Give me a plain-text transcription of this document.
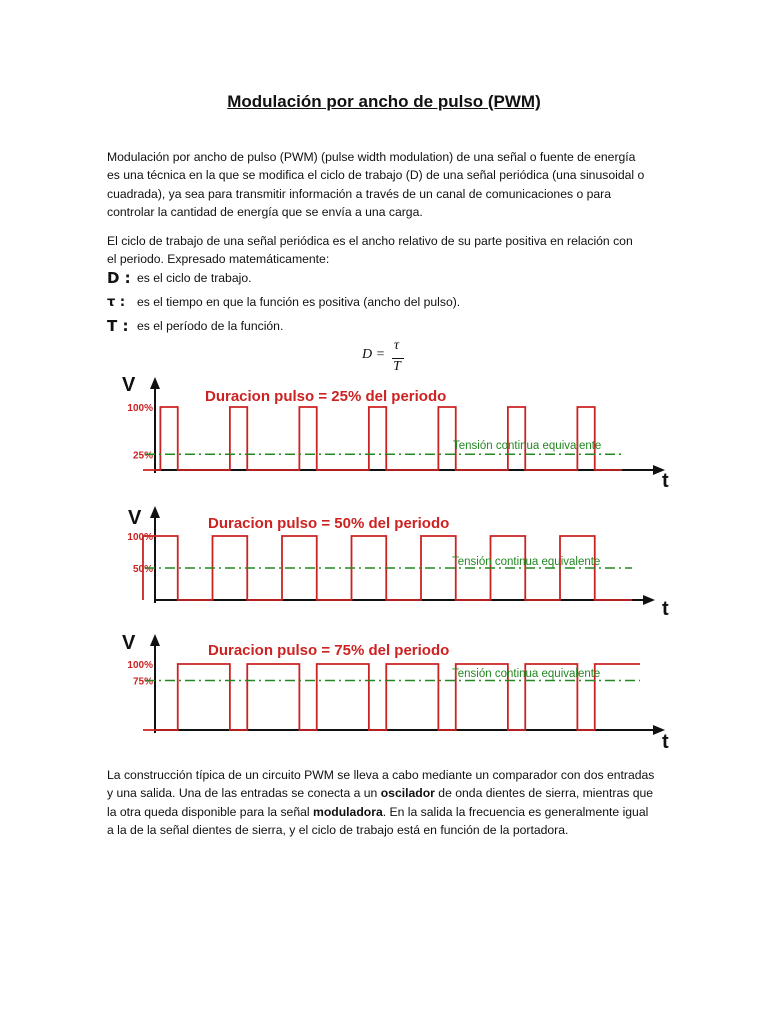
Modulación por ancho de pulso (PWM)
Modulación por ancho de pulso (PWM) (pulse width modulation) de una señal o fuente de energía
es una técnica en la que se modifica el ciclo de trabajo (D) de una señal periódica (una sinusoidal o
cuadrada), ya sea para transmitir información a través de un canal de comunicaciones o para
controlar la cantidad de energía que se envía a una carga.
El ciclo de trabajo de una señal periódica es el ancho relativo de su parte positiva en relación con
el periodo. Expresado matemáticamente:
D : es el ciclo de trabajo.
τ : es el tiempo en que la función es positiva (ancho del pulso).
T : es el período de la función.
D =
τ
T
V
t
Duracion pulso = 25% del periodo
100%
25%
Tensión continua equivalente
V
t
Duracion pulso = 50% del periodo
100%
50%
Tensión continua equivalente
V
t
Duracion pulso = 75% del periodo
100%
75%
Tensión continua equivalente
La construcción típica de un circuito PWM se lleva a cabo mediante un comparador con dos entradas
y una salida. Una de las entradas se conecta a un oscilador de onda dientes de sierra, mientras que
la otra queda disponible para la señal moduladora. En la salida la frecuencia es generalmente igual
a la de la señal dientes de sierra, y el ciclo de trabajo está en función de la portadora.
